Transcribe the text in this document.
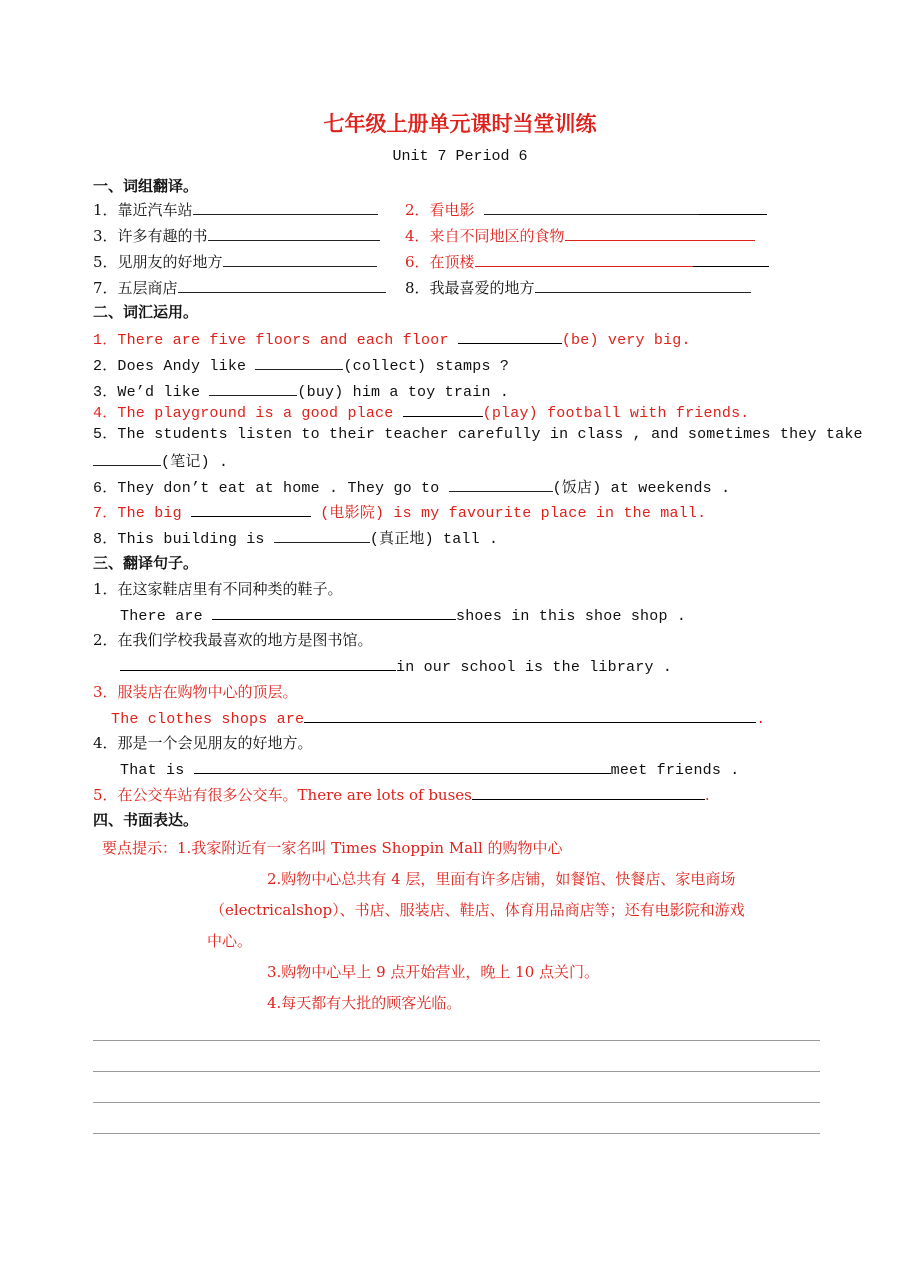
七年级上册单元课时当堂训练
Unit 7 Period 6
一、词组翻译。
1．靠近汽车站	2．看电影
3．许多有趣的书	4．来自不同地区的食物
5．见朋友的好地方	6．在顶楼
7．五层商店	8．我最喜爱的地方
二、词汇运用。
1．There are five floors and each floor	(be) very big.
2．Does Andy like	(collect) stamps ?
3．We’d like	(buy) him a toy train .
4．The playground is a good place	(play) football with friends.
5．The students listen to their teacher carefully in class , and sometimes they take
(笔记) .
6．They don’t eat at home . They go to	(饭店) at weekends .
7．The big	(电影院) is my favourite place in the mall.
8．This building is	(真正地) tall .
三、翻译句子。
1．在这家鞋店里有不同种类的鞋子。
There are	shoes in this shoe shop .
2．在我们学校我最喜欢的地方是图书馆。
in our school is the library .
3．服装店在购物中心的顶层。
The clothes shops are	.
4．那是一个会见朋友的好地方。
That is	meet friends .
5．在公交车站有很多公交车。There are lots of buses	.
四、书面表达。
要点提示：1.我家附近有一家名叫 Times Shoppin Mall 的购物中心
2.购物中心总共有 4 层，里面有许多店铺，如餐馆、快餐店、家电商场
（electricalshop）、书店、服装店、鞋店、体育用品商店等；还有电影院和游戏
中心。
3.购物中心早上 9 点开始营业，晚上 10 点关门。
4.每天都有大批的顾客光临。
